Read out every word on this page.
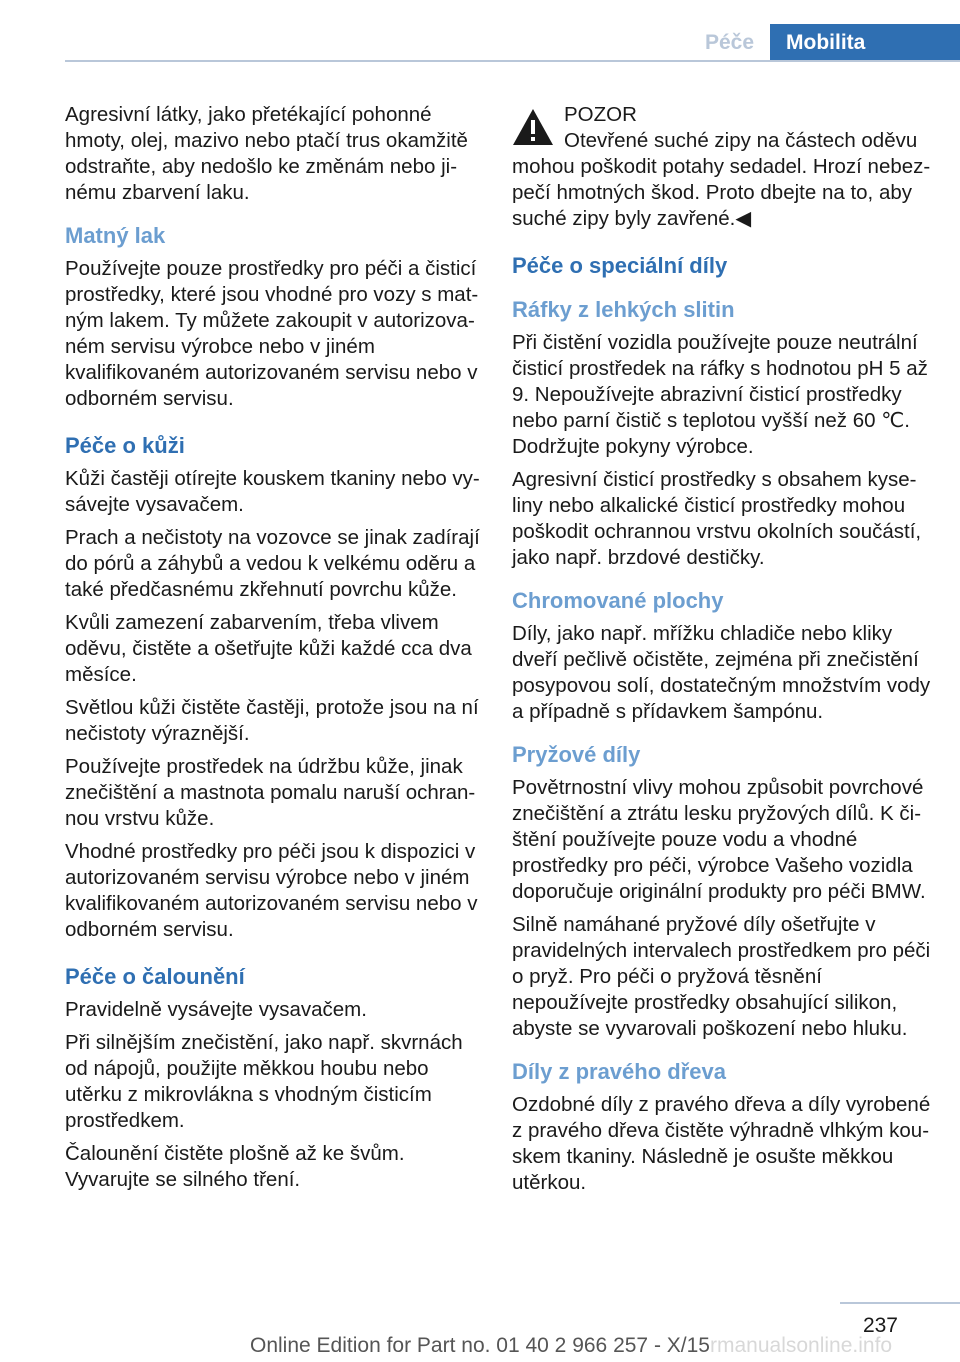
Péče	Mobilita

Agresivní látky, jako přetékající pohonné hmoty, olej, mazivo nebo ptačí trus okamžitě odstraňte, aby nedošlo ke změnám nebo jinému zbarvení laku.

Matný lak

Používejte pouze prostředky pro péči a čisticí prostředky, které jsou vhodné pro vozy s matným lakem. Ty můžete zakoupit v autorizovaném servisu výrobce nebo v jiném kvalifikovaném autorizovaném servisu nebo v odborném servisu.

Péče o kůži

Kůži častěji otírejte kouskem tkaniny nebo vysávejte vysavačem.

Prach a nečistoty na vozovce se jinak zadírají do pórů a záhybů a vedou k velkému oděru a také předčasnému zkřehnutí povrchu kůže.

Kvůli zamezení zabarvením, třeba vlivem oděvu, čistěte a ošetřujte kůži každé cca dva měsíce.

Světlou kůži čistěte častěji, protože jsou na ní nečistoty výraznější.

Používejte prostředek na údržbu kůže, jinak znečištění a mastnota pomalu naruší ochrannou vrstvu kůže.

Vhodné prostředky pro péči jsou k dispozici v autorizovaném servisu výrobce nebo v jiném kvalifikovaném autorizovaném servisu nebo v odborném servisu.

Péče o čalounění

Pravidelně vysávejte vysavačem.

Při silnějším znečistění, jako např. skvrnách od nápojů, použijte měkkou houbu nebo utěrku z mikrovlákna s vhodným čisticím prostředkem.

Čalounění čistěte plošně až ke švům. Vyvarujte se silného tření.

POZOR

Otevřené suché zipy na částech oděvu mohou poškodit potahy sedadel. Hrozí nebezpečí hmotných škod. Proto dbejte na to, aby suché zipy byly zavřené.◀

Péče o speciální díly
Ráfky z lehkých slitin

Při čistění vozidla používejte pouze neutrální čisticí prostředek na ráfky s hodnotou pH 5 až 9. Nepoužívejte abrazivní čisticí prostředky nebo parní čistič s teplotou vyšší než 60 ℃. Dodržujte pokyny výrobce.

Agresivní čisticí prostředky s obsahem kyseliny nebo alkalické čisticí prostředky mohou poškodit ochrannou vrstvu okolních součástí, jako např. brzdové destičky.

Chromované plochy

Díly, jako např. mřížku chladiče nebo kliky dveří pečlivě očistěte, zejména při znečistění posypovou solí, dostatečným množstvím vody a případně s přídavkem šampónu.

Pryžové díly

Povětrnostní vlivy mohou způsobit povrchové znečištění a ztrátu lesku pryžových dílů. K čištění používejte pouze vodu a vhodné prostředky pro péči, výrobce Vašeho vozidla doporučuje originální produkty pro péči BMW.

Silně namáhané pryžové díly ošetřujte v pravidelných intervalech prostředkem pro péči o pryž. Pro péči o pryžová těsnění nepoužívejte prostředky obsahující silikon, abyste se vyvarovali poškození nebo hluku.

Díly z pravého dřeva

Ozdobné díly z pravého dřeva a díly vyrobené z pravého dřeva čistěte výhradně vlhkým kouskem tkaniny. Následně je osušte měkkou utěrkou.

237
rmanualsonline.info
Online Edition for Part no. 01 40 2 966 257 - X/15
